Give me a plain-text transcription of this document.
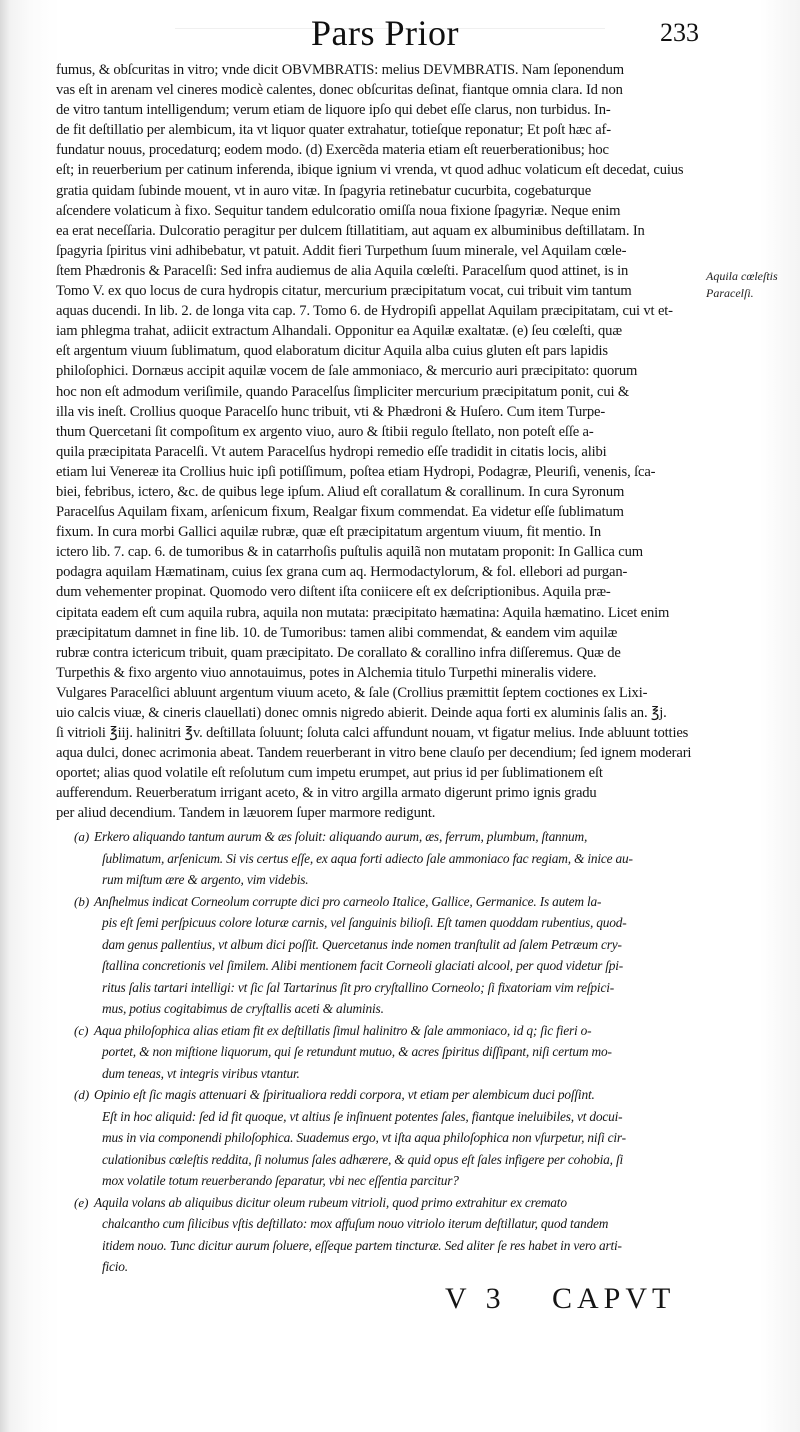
Pars Prior	233
fumus, & obſcuritas in vitro; vnde dicit OBVMBRATIS: melius DEVMBRATIS. Nam ſeponendum
vas eſt in arenam vel cineres modicè calentes, donec obſcuritas deſinat, fiantque omnia clara. Id non
de vitro tantum intelligendum; verum etiam de liquore ipſo qui debet eſſe clarus, non turbidus. In-
de fit deſtillatio per alembicum, ita vt liquor quater extrahatur, totieſque reponatur; Et poſt hæc af-
fundatur nouus, procedaturq; eodem modo. (d) Exercẽda materia etiam eſt reuerberationibus; hoc
eſt; in reuerberium per catinum inferenda, ibique ignium vi vrenda, vt quod adhuc volaticum eſt decedat, cuius
gratia quidam ſubinde mouent, vt in auro vitæ. In ſpagyria retinebatur cucurbita, cogebaturque
aſcendere volaticum à fixo. Sequitur tandem edulcoratio omiſſa noua fixione ſpagyriæ. Neque enim
ea erat neceſſaria. Dulcoratio peragitur per dulcem ſtillatitiam, aut aquam ex albuminibus deſtillatam. In
ſpagyria ſpiritus vini adhibebatur, vt patuit. Addit fieri Turpethum ſuum minerale, vel Aquilam cœle-
ſtem Phædronis & Paracelſi: Sed infra audiemus de alia Aquila cœleſti. Paracelſum quod attinet, is in
Tomo V. ex quo locus de cura hydropis citatur, mercurium præcipitatum vocat, cui tribuit vim tantum
aquas ducendi. In lib. 2. de longa vita cap. 7. Tomo 6. de Hydropiſi appellat Aquilam præcipitatam, cui vt et-
iam phlegma trahat, adiicit extractum Alhandali. Opponitur ea Aquilæ exaltatæ. (e) ſeu cœleſti, quæ
eſt argentum viuum ſublimatum, quod elaboratum dicitur Aquila alba cuius gluten eſt pars lapidis
philoſophici. Dornæus accipit aquilæ vocem de ſale ammoniaco, & mercurio auri præcipitato: quorum
hoc non eſt admodum veriſimile, quando Paracelſus ſimpliciter mercurium præcipitatum ponit, cui &
illa vis ineſt. Crollius quoque Paracelſo hunc tribuit, vti & Phædroni & Huſero. Cum item Turpe-
thum Quercetani ſit compoſitum ex argento viuo, auro & ſtibii regulo ſtellato, non poteſt eſſe a-
quila præcipitata Paracelſi. Vt autem Paracelſus hydropi remedio eſſe tradidit in citatis locis, alibi
etiam lui Venereæ ita Crollius huic ipſi potiſſimum, poſtea etiam Hydropi, Podagræ, Pleuriſi, venenis, ſca-
biei, febribus, ictero, &c. de quibus lege ipſum. Aliud eſt corallatum & corallinum. In cura Syronum
Paracelſus Aquilam fixam, arſenicum fixum, Realgar fixum commendat. Ea videtur eſſe ſublimatum
fixum. In cura morbi Gallici aquilæ rubræ, quæ eſt præcipitatum argentum viuum, fit mentio. In
ictero lib. 7. cap. 6. de tumoribus & in catarrhoſis puſtulis aquilã non mutatam proponit: In Gallica cum
podagra aquilam Hæmatinam, cuius ſex grana cum aq. Hermodactylorum, & fol. ellebori ad purgan-
dum vehementer propinat. Quomodo vero diſtent iſta coniicere eſt ex deſcriptionibus. Aquila præ-
cipitata eadem eſt cum aquila rubra, aquila non mutata: præcipitato hæmatina: Aquila hæmatino. Licet enim
præcipitatum damnet in fine lib. 10. de Tumoribus: tamen alibi commendat, & eandem vim aquilæ
rubræ contra ictericum tribuit, quam præcipitato. De corallato & corallino infra diſſeremus. Quæ de
Turpethis & fixo argento viuo annotauimus, potes in Alchemia titulo Turpethi mineralis videre.
Vulgares Paracelſici abluunt argentum viuum aceto, & ſale (Crollius præmittit ſeptem coctiones ex Lixi-
uio calcis viuæ, & cineris clauellati) donec omnis nigredo abierit. Deinde aqua forti ex aluminis ſalis an. ℥j.
ſi vitrioli ℥iij. halinitri ℥v. deſtillata ſoluunt; ſoluta calci affundunt nouam, vt figatur melius. Inde abluunt totties
aqua dulci, donec acrimonia abeat. Tandem reuerberant in vitro bene clauſo per decendium; ſed ignem moderari
oportet; alias quod volatile eſt reſolutum cum impetu erumpet, aut prius id per ſublimationem eſt
aufferendum. Reuerberatum irrigant aceto, & in vitro argilla armato digerunt primo ignis gradu
per aliud decendium. Tandem in læuorem ſuper marmore redigunt.
Aquila cœleſtis Paracelſi.
(a) Erkero aliquando tantum aurum & æs ſoluit: aliquando aurum, æs, ferrum, plumbum, ſtannum,
ſublimatum, arſenicum. Si vis certus eſſe, ex aqua forti adiecto ſale ammoniaco fac regiam, & inice au-
rum miſtum ære & argento, vim videbis.
(b) Anſhelmus indicat Corneolum corrupte dici pro carneolo Italice, Gallice, Germanice. Is autem la-
pis eſt ſemi perſpicuus colore loturæ carnis, vel ſanguinis bilioſi. Eſt tamen quoddam rubentius, quod-
dam genus pallentius, vt album dici poſſit. Quercetanus inde nomen tranſtulit ad ſalem Petræum cry-
ſtallina concretionis vel ſimilem. Alibi mentionem facit Corneoli glaciati alcool, per quod videtur ſpi-
ritus ſalis tartari intelligi: vt ſic ſal Tartarinus ſit pro cryſtallino Corneolo; ſi fixatoriam vim reſpici-
mus, potius cogitabimus de cryſtallis aceti & aluminis.
(c) Aqua philoſophica alias etiam fit ex deſtillatis ſimul halinitro & ſale ammoniaco, id q; ſic fieri o-
portet, & non miſtione liquorum, qui ſe retundunt mutuo, & acres ſpiritus diſſipant, niſi certum mo-
dum teneas, vt integris viribus vtantur.
(d) Opinio eſt ſic magis attenuari & ſpiritualiora reddi corpora, vt etiam per alembicum duci poſſint.
Eſt in hoc aliquid: ſed id fit quoque, vt altius ſe inſinuent potentes ſales, fiantque ineluibiles, vt docui-
mus in via componendi philoſophica. Suademus ergo, vt iſta aqua philoſophica non vſurpetur, niſi cir-
culationibus cœleſtis reddita, ſi nolumus ſales adhærere, & quid opus eſt ſales infigere per cohobia, ſi
mox volatile totum reuerberando ſeparatur, vbi nec eſſentia parcitur?
(e) Aquila volans ab aliquibus dicitur oleum rubeum vitrioli, quod primo extrahitur ex cremato
chalcantho cum ſilicibus vſtis deſtillato: mox affuſum nouo vitriolo iterum deſtillatur, quod tandem
itidem nouo. Tunc dicitur aurum ſoluere, eſſeque partem tincturæ. Sed aliter ſe res habet in vero arti-
ficio.
V 3 CAPVT
